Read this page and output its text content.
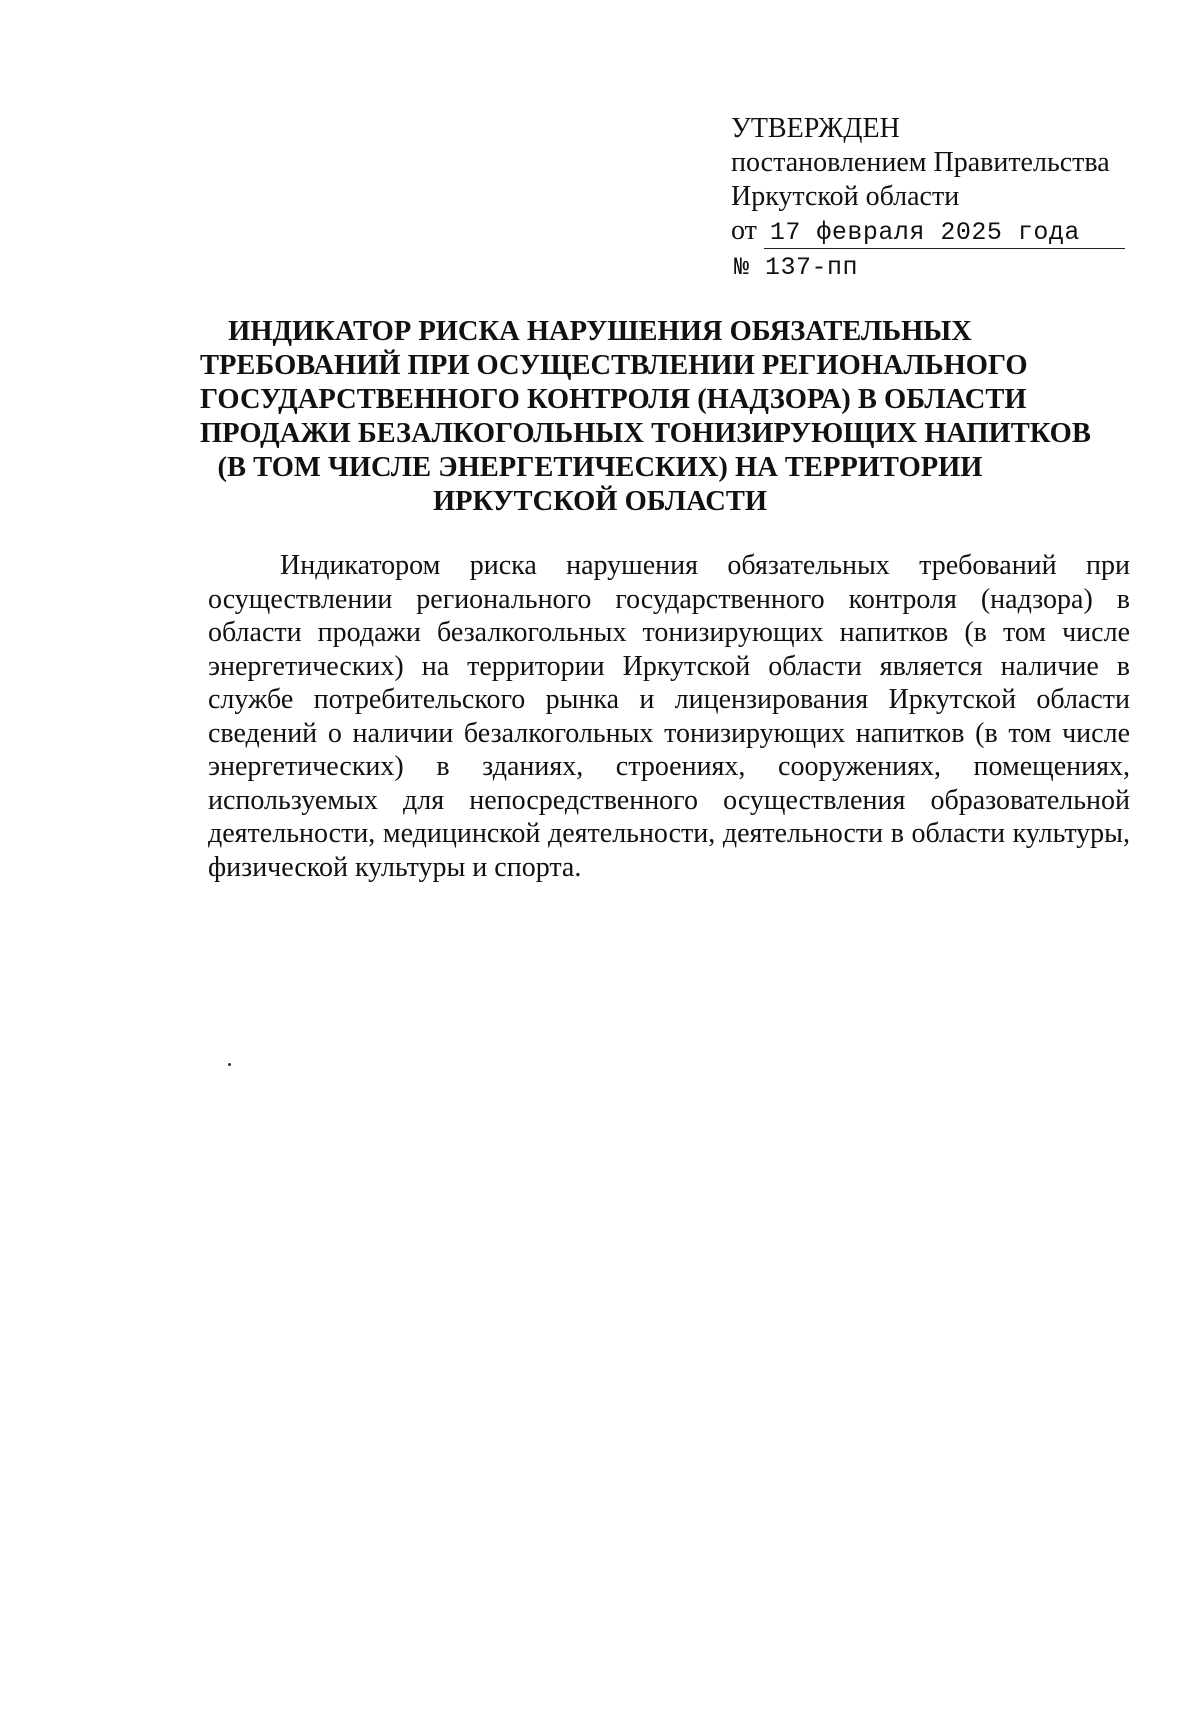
УТВЕРЖДЕН
постановлением Правительства
Иркутской области
от 17 февраля 2025 года
№ 137-пп
ИНДИКАТОР РИСКА НАРУШЕНИЯ ОБЯЗАТЕЛЬНЫХ
ТРЕБОВАНИЙ ПРИ ОСУЩЕСТВЛЕНИИ РЕГИОНАЛЬНОГО
ГОСУДАРСТВЕННОГО КОНТРОЛЯ (НАДЗОРА) В ОБЛАСТИ
ПРОДАЖИ БЕЗАЛКОГОЛЬНЫХ ТОНИЗИРУЮЩИХ НАПИТКОВ
(В ТОМ ЧИСЛЕ ЭНЕРГЕТИЧЕСКИХ) НА ТЕРРИТОРИИ
ИРКУТСКОЙ ОБЛАСТИ

Индикатором риска нарушения обязательных требований при осуществлении регионального государственного контроля (надзора) в области продажи безалкогольных тонизирующих напитков (в том числе энергетических) на территории Иркутской области является наличие в службе потребительского рынка и лицензирования Иркутской области сведений о наличии безалкогольных тонизирующих напитков (в том числе энергетических) в зданиях, строениях, сооружениях, помещениях, используемых для непосредственного осуществления образовательной деятельности, медицинской деятельности, деятельности в области культуры, физической культуры и спорта.
